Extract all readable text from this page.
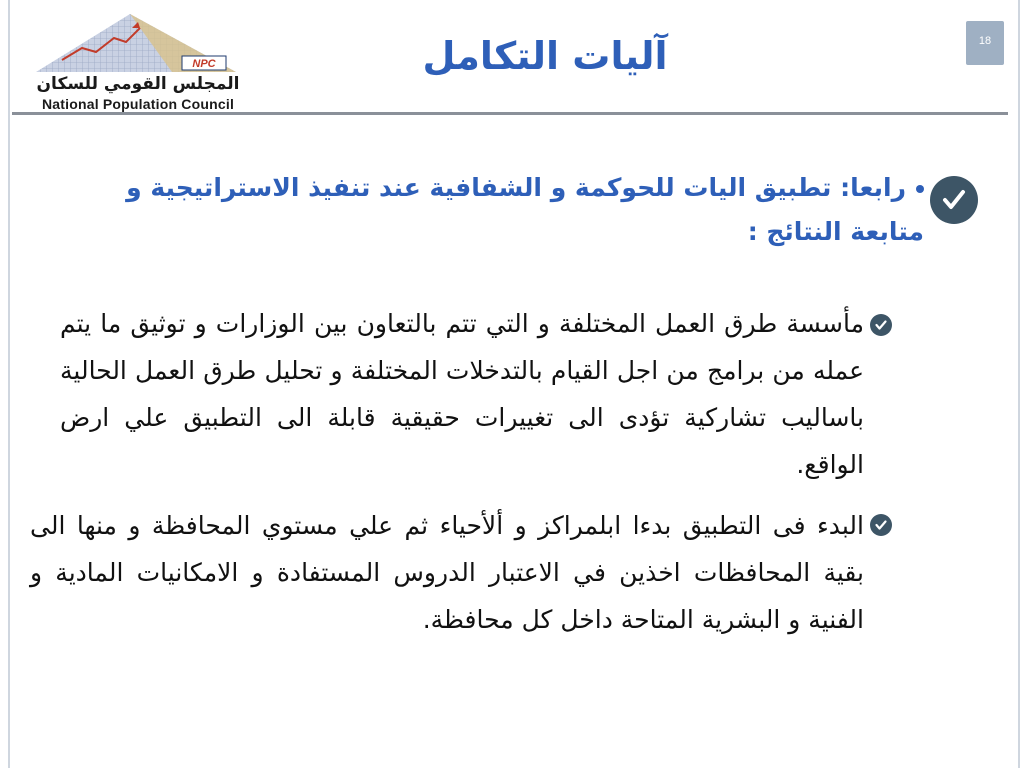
NPC
المجلس القومي للسكان
National Population Council
آليات التكامل	18
رابعا: تطبيق اليات للحوكمة و الشفافية عند تنفيذ الاستراتيجية و متابعة النتائج :
مأسسة طرق العمل المختلفة و التي تتم بالتعاون بين الوزارات و توثيق ما يتم عمله من برامج من اجل القيام بالتدخلات المختلفة و تحليل طرق العمل الحالية باساليب تشاركية تؤدى الى تغييرات حقيقية قابلة الى التطبيق علي ارض الواقع.
البدء فى التطبيق بدءا ابلمراكز و ألأحياء ثم علي مستوي المحافظة و منها الى بقية المحافظات اخذين في الاعتبار الدروس المستفادة و الامكانيات المادية و الفنية و البشرية المتاحة داخل كل محافظة.
